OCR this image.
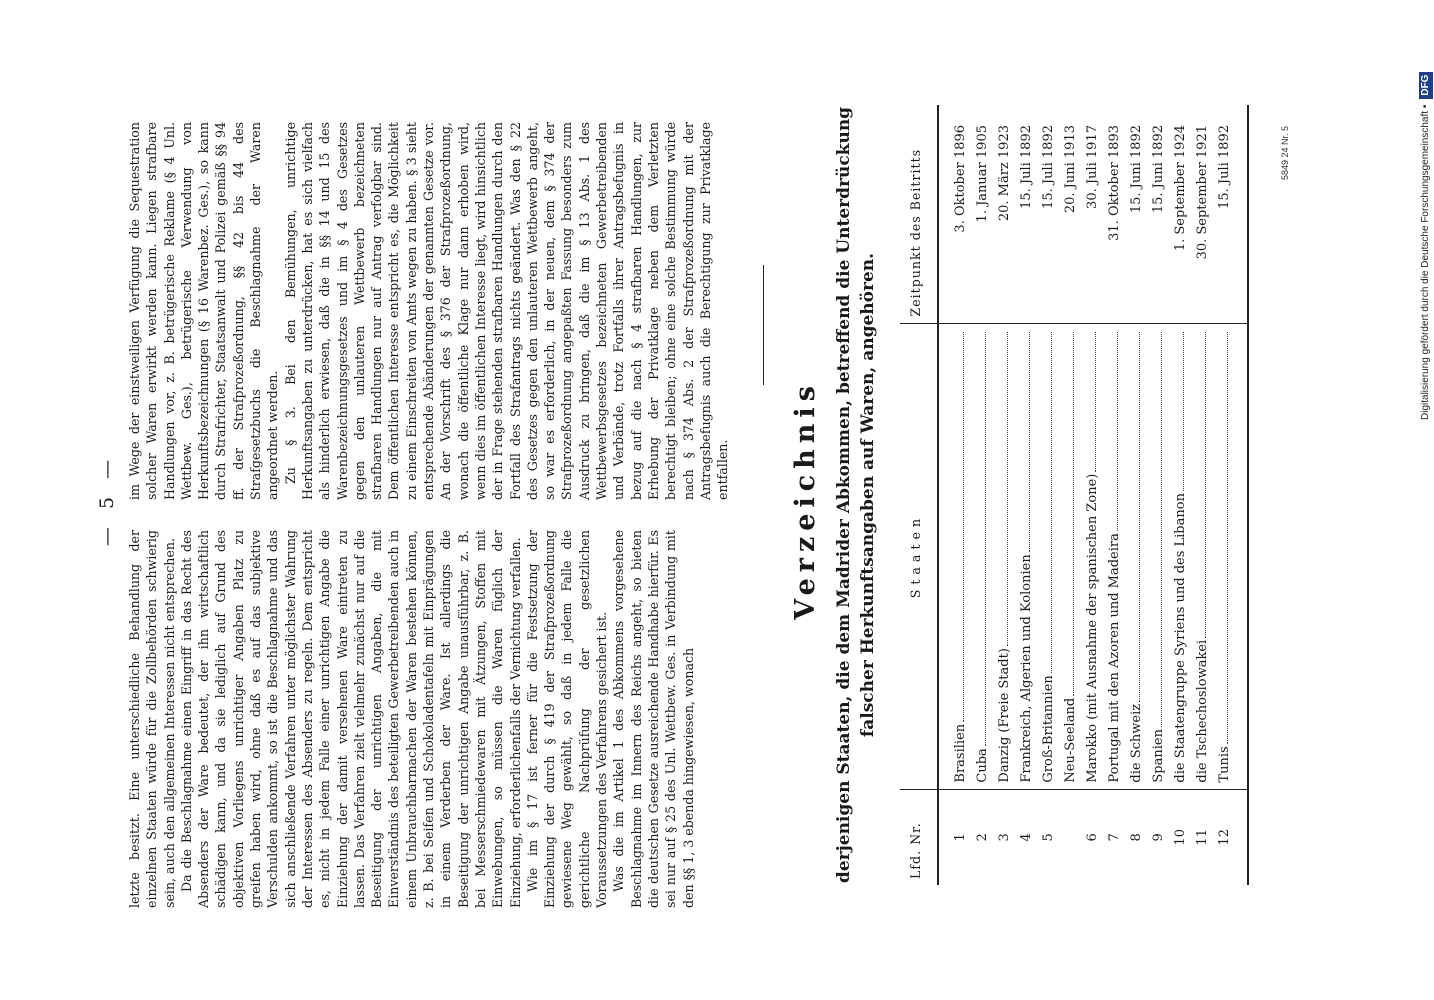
— 5 —

letzte besitzt. Eine unterschiedliche Behandlung der einzelnen Staaten würde für die Zollbehörden schwierig sein, auch den allgemeinen Interessen nicht entsprechen. Da die Beschlagnahme einen Eingriff in das Recht des Absenders der Ware bedeutet, der ihn wirtschaftlich schädigen kann, und da sie lediglich auf Grund des objektiven Vorliegens unrichtiger Angaben Platz zu greifen haben wird, ohne daß es auf das subjektive Verschulden ankommt, so ist die Beschlagnahme und das sich anschließende Verfahren unter möglichster Wahrung der Interessen des Absenders zu regeln. Dem entspricht es, nicht in jedem Falle einer unrichtigen Angabe die Einziehung der damit versehenen Ware eintreten zu lassen. Das Verfahren zielt vielmehr zunächst nur auf die Beseitigung der unrichtigen Angaben, die mit Einverständnis des beteiligten Gewerbetreibenden auch in einem Unbrauchbarmachen der Waren bestehen können, z. B. bei Seifen und Schokoladentafeln mit Einprägungen in einem Verderben der Ware. Ist allerdings die Beseitigung der unrichtigen Angabe unausführbar, z. B. bei Messerschmiedewaren mit Ätzungen, Stoffen mit Einwebungen, so müssen die Waren füglich der Einziehung, erforderlichenfalls der Vernichtung verfallen. Wie im § 17 ist ferner für die Festsetzung der Einziehung der durch § 419 der Strafprozeßordnung gewiesene Weg gewählt, so daß in jedem Falle die gerichtliche Nachprüfung der gesetzlichen Voraussetzungen des Verfahrens gesichert ist. Was die im Artikel 1 des Abkommens vorgesehene Beschlagnahme im Innern des Reichs angeht, so bieten die deutschen Gesetze ausreichende Handhabe hierfür. Es sei nur auf § 25 des Unl. Wettbew. Ges. in Verbindung mit den §§ 1, 3 ebenda hingewiesen, wonach

im Wege der einstweiligen Verfügung die Sequestration solcher Waren erwirkt werden kann. Liegen strafbare Handlungen vor, z. B. betrügerische Reklame (§ 4 Unl. Wettbew. Ges.), betrügerische Verwendung von Herkunftsbezeichnungen (§ 16 Warenbez. Ges.), so kann durch Strafrichter, Staatsanwalt und Polizei gemäß §§ 94 ff. der Strafprozeßordnung, §§ 42 bis 44 des Strafgesetzbuchs die Beschlagnahme der Waren angeordnet werden. Zu § 3. Bei den Bemühungen, unrichtige Herkunftsangaben zu unterdrücken, hat es sich vielfach als hinderlich erwiesen, daß die in §§ 14 und 15 des Warenbezeichnungsgesetzes und im § 4 des Gesetzes gegen den unlauteren Wettbewerb bezeichneten strafbaren Handlungen nur auf Antrag verfolgbar sind. Dem öffentlichen Interesse entspricht es, die Möglichkeit zu einem Einschreiten von Amts wegen zu haben. § 3 sieht entsprechende Abänderungen der genannten Gesetze vor. An der Vorschrift des § 376 der Strafprozeßordnung, wonach die öffentliche Klage nur dann erhoben wird, wenn dies im öffentlichen Interesse liegt, wird hinsichtlich der in Frage stehenden strafbaren Handlungen durch den Fortfall des Strafantrags nichts geändert. Was den § 22 des Gesetzes gegen den unlauteren Wettbewerb angeht, so war es erforderlich, in der neuen, dem § 374 der Strafprozeßordnung angepaßten Fassung besonders zum Ausdruck zu bringen, daß die im § 13 Abs. 1 des Wettbewerbsgesetzes bezeichneten Gewerbetreibenden und Verbände, trotz Fortfalls ihrer Antragsbefugnis in bezug auf die nach § 4 strafbaren Handlungen, zur Erhebung der Privatklage neben dem Verletzten berechtigt bleiben; ohne eine solche Bestimmung würde nach § 374 Abs. 2 der Strafprozeßordnung mit der Antragsbefugnis auch die Berechtigung zur Privatklage entfallen. Verzeichnis derjenigen Staaten, die dem Madrider Abkommen, betreffend die Unterdrückung falscher Herkunftsangaben auf Waren, angehören.
Lfd. Nr.	Staaten	Zeitpunkt des Beitritts
1	Brasilien	3. Oktober 1896
2	Cuba	1. Januar 1905
3	Danzig (Freie Stadt)	20. März 1923
4	Frankreich, Algerien und Kolonien	15. Juli 1892
5	Groß-Britannien	15. Juli 1892

	Neu-Seeland	20. Juni 1913
6	Marokko (mit Ausnahme der spanischen Zone)	30. Juli 1917
7	Portugal mit den Azoren und Madeira	31. Oktober 1893
8	die Schweiz	15. Juni 1892
9	Spanien	15. Juni 1892
10	die Staatengruppe Syriens und des Libanon	1. September 1924
11	die Tschechoslowakei	30. September 1921
12	Tunis	15. Juli 1892	5849 24 Nr. 5	Digitalisierung gefördert durch die Deutsche Forschungsgemeinschaft •
DFG
